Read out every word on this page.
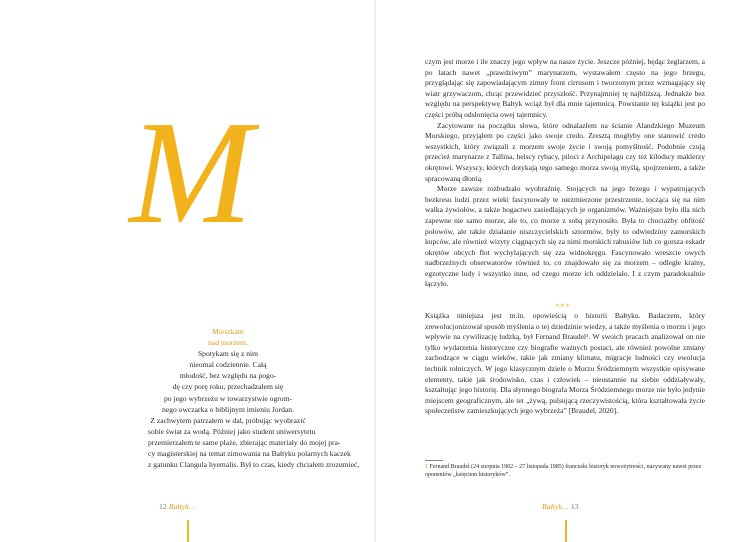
M
Mieszkam
nad morzem.
Spotykam się z nim
nieomal codziennie. Całą
młodość, bez względu na pogo-
dę czy porę roku, przechadzałem się
po jego wybrzeżu w towarzystwie ogrom-
nego owczarka o biblijnym imieniu Jordan.
Z zachwytem patrzałem w dal, próbując wyobrazić
sobie świat za wodą. Później jako student uniwersytetu
przemierzałem te same plaże, zbierając materiały do mojej pra-
cy magisterskiej na temat zimowania na Bałtyku polarnych kaczek
z gatunku Clangula hyemalis. Był to czas, kiedy chciałem zrozumieć,
12 Bałtyk…

czym jest morze i ile znaczy jego wpływ na nasze życie. Jeszcze później, będąc żeglarzem, a po latach nawet „prawdziwym” marynarzem, wystawałem często na jego brzegu, przyglądając się zapowiadającym zimny front cirrusom i tworzonym przez wzmagający się wiatr grzywaczom, chcąc przewidzieć przyszłość. Przynajmniej tę najbliższą. Jednakże bez względu na perspektywę Bałtyk wciąż był dla mnie tajemnicą. Powstanie tej książki jest po części próbą odsłonięcia owej tajemnicy.

Zacytowane na początku słowa, które odnalazłem na ścianie Alandzkiego Muzeum Morskiego, przyjąłem po części jako swoje credo. Zresztą mogłyby one stanowić credo wszystkich, który związali z morzem swoje życie i swoją pomyślność. Podobnie czują przecież marynarze z Tallina, helscy rybacy, piloci z Archipelagu czy też kilodscy maklerzy okrętowi. Wszyscy, których dotykają tego samego morza swoją myślą, spojrzeniem, a także spracowaną dłonią.

Morze zawsze rozbudzało wyobraźnię. Stojących na jego brzegu i wypatrujących bezkresu ludzi przez wieki fascynowały te niezmierzone przestrzenie, tocząca się na nim walka żywiołów, a także bogactwo zasiedlających je organizmów. Ważniejsze było dla nich zapewne nie samo morze, ale to, co morze z sobą przynosiło. Była to chociażby obfitość połowów, ale także działanie niszczycielskich sztormów, były to odwiedziny zamorskich kupców, ale również wizyty ciągnących się za nimi morskich rabusiów lub co gorsza eskadr okrętów obcych flot wychylających się zza widnokręgu. Fascynowało wreszcie owych nadbrzeżnych obserwatorów również to, co znajdowało się za morzem – odległe krainy, egzotyczne ludy i wszystko inne, od czego morze ich oddzielało. I z czym paradoksalnie łączyło.

***

Książka niniejsza jest m.in. opowieścią o historii Bałtyku. Badaczem, który zrewolucjonizował sposób myślenia o tej dziedzinie wiedzy, a także myślenia o morzu i jego wpływie na cywilizację ludzką, był Fernand Braudel¹. W swoich pracach analizował on nie tylko wydarzenia historyczne czy biografie ważnych postaci, ale również powolne zmiany zachodzące w ciągu wieków, takie jak zmiany klimatu, migracje ludności czy ewolucja technik rolniczych. W jego klasycznym dziele o Morzu Śródziemnym wszystkie opisywane elementy, takie jak środowisko, czas i człowiek – nieustannie na siebie oddziaływały, kształtując jego historię. Dla słynnego biografa Morza Śródziemnego morze nie było jedynie miejscem geograficznym, ale tet „żywą, pulsującą rzeczywistością, która kształtowała życie społeczeństw zamieszkujących jego wybrzeża” [Braudel, 2020].

1 Fernand Braudel (24 sierpnia 1902 – 27 listopada 1985) francuski historyk nowożytności, nazywany nawet przez oponentów „księciem historyków”.
Bałtyk… 13
